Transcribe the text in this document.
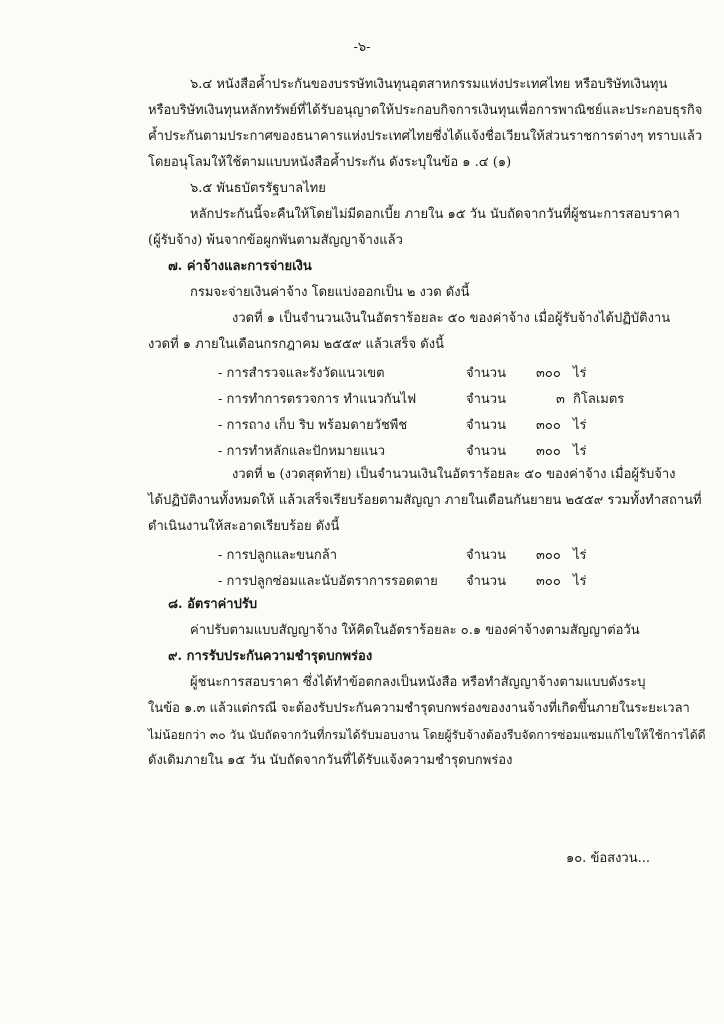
-๖-
๖.๔ หนังสือค้ำประกันของบรรษัทเงินทุนอุตสาหกรรมแห่งประเทศไทย หรือบริษัทเงินทุน
หรือบริษัทเงินทุนหลักทรัพย์ที่ได้รับอนุญาตให้ประกอบกิจการเงินทุนเพื่อการพาณิชย์และประกอบธุรกิจ
ค้ำประกันตามประกาศของธนาคารแห่งประเทศไทยซึ่งได้แจ้งชื่อเวียนให้ส่วนราชการต่างๆ ทราบแล้ว
โดยอนุโลมให้ใช้ตามแบบหนังสือค้ำประกัน ดังระบุในข้อ ๑ .๔ (๑)
๖.๕ พันธบัตรรัฐบาลไทย
หลักประกันนี้จะคืนให้โดยไม่มีดอกเบี้ย ภายใน ๑๕ วัน นับถัดจากวันที่ผู้ชนะการสอบราคา
(ผู้รับจ้าง) พ้นจากข้อผูกพันตามสัญญาจ้างแล้ว
๗. ค่าจ้างและการจ่ายเงิน
กรมจะจ่ายเงินค่าจ้าง โดยแบ่งออกเป็น ๒ งวด ดังนี้
งวดที่ ๑ เป็นจำนวนเงินในอัตราร้อยละ ๕๐ ของค่าจ้าง เมื่อผู้รับจ้างได้ปฏิบัติงาน
งวดที่ ๑ ภายในเดือนกรกฎาคม ๒๕๕๙ แล้วเสร็จ ดังนี้
- การสำรวจและรังวัดแนวเขต	จำนวน ๓๐๐ ไร่
- การทำการตรวจการ ทำแนวกันไฟ	จำนวน	๓ กิโลเมตร
- การถาง เก็บ ริบ พร้อมดายวัชพืช	จำนวน ๓๐๐ ไร่
- การทำหลักและปักหมายแนว	จำนวน ๓๐๐ ไร่
งวดที่ ๒ (งวดสุดท้าย) เป็นจำนวนเงินในอัตราร้อยละ ๕๐ ของค่าจ้าง เมื่อผู้รับจ้าง
ได้ปฏิบัติงานทั้งหมดให้ แล้วเสร็จเรียบร้อยตามสัญญา ภายในเดือนกันยายน ๒๕๕๙ รวมทั้งทำสถานที่
ดำเนินงานให้สะอาดเรียบร้อย ดังนี้
- การปลูกและขนกล้า	จำนวน ๓๐๐ ไร่
- การปลูกซ่อมและนับอัตราการรอดตาย จำนวน ๓๐๐ ไร่
๘. อัตราค่าปรับ
ค่าปรับตามแบบสัญญาจ้าง ให้คิดในอัตราร้อยละ ๐.๑ ของค่าจ้างตามสัญญาต่อวัน
๙. การรับประกันความชำรุดบกพร่อง
ผู้ชนะการสอบราคา ซึ่งได้ทำข้อตกลงเป็นหนังสือ หรือทำสัญญาจ้างตามแบบดังระบุ
ในข้อ ๑.๓ แล้วแต่กรณี จะต้องรับประกันความชำรุดบกพร่องของงานจ้างที่เกิดขึ้นภายในระยะเวลา
ไม่น้อยกว่า ๓๐ วัน นับถัดจากวันที่กรมได้รับมอบงาน โดยผู้รับจ้างต้องรีบจัดการซ่อมแซมแก้ไขให้ใช้การได้ดี
ดังเดิมภายใน ๑๕ วัน นับถัดจากวันที่ได้รับแจ้งความชำรุดบกพร่อง
๑๐. ข้อสงวน...
